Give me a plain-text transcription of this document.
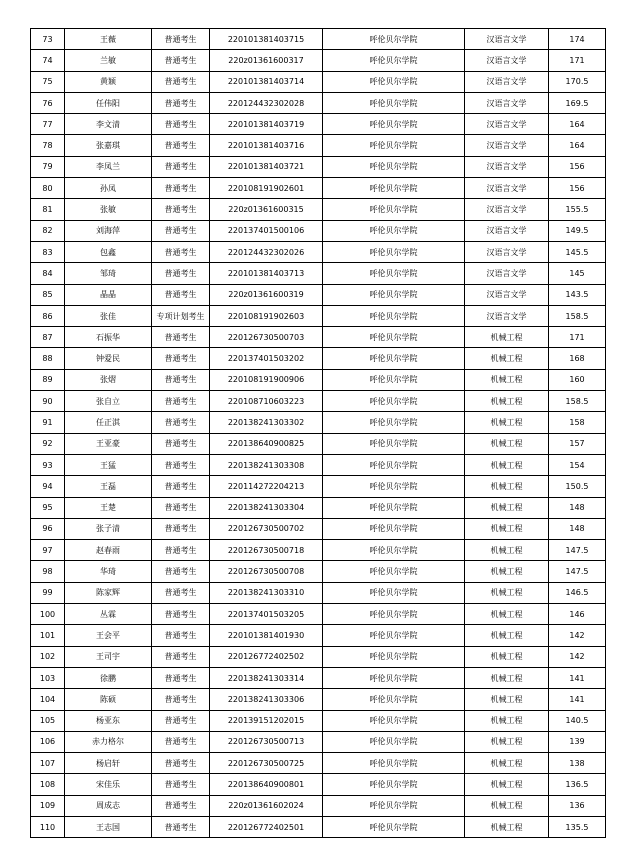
73	王薇	普通考生	220101381403715	呼伦贝尔学院	汉语言文学	174
74	兰敏	普通考生	220z01361600317	呼伦贝尔学院	汉语言文学	171
75	黄颖	普通考生	220101381403714	呼伦贝尔学院	汉语言文学	170.5
76	任伟阳	普通考生	220124432302028	呼伦贝尔学院	汉语言文学	169.5
77	李文清	普通考生	220101381403719	呼伦贝尔学院	汉语言文学	164
78	张嘉琪	普通考生	220101381403716	呼伦贝尔学院	汉语言文学	164
79	李凤兰	普通考生	220101381403721	呼伦贝尔学院	汉语言文学	156
80	孙凤	普通考生	220108191902601	呼伦贝尔学院	汉语言文学	156
81	张敏	普通考生	220z01361600315	呼伦贝尔学院	汉语言文学	155.5
82	刘海萍	普通考生	220137401500106	呼伦贝尔学院	汉语言文学	149.5
83	包鑫	普通考生	220124432302026	呼伦贝尔学院	汉语言文学	145.5
84	邹琦	普通考生	220101381403713	呼伦贝尔学院	汉语言文学	145
85	晶晶	普通考生	220z01361600319	呼伦贝尔学院	汉语言文学	143.5
86	张佳	专项计划考生	220108191902603	呼伦贝尔学院	汉语言文学	158.5
87	石振华	普通考生	220126730500703	呼伦贝尔学院	机械工程	171
88	钟爱民	普通考生	220137401503202	呼伦贝尔学院	机械工程	168
89	张熠	普通考生	220108191900906	呼伦贝尔学院	机械工程	160
90	张自立	普通考生	220108710603223	呼伦贝尔学院	机械工程	158.5
91	任正淇	普通考生	220138241303302	呼伦贝尔学院	机械工程	158
92	王亚豪	普通考生	220138640900825	呼伦贝尔学院	机械工程	157
93	王猛	普通考生	220138241303308	呼伦贝尔学院	机械工程	154
94	王磊	普通考生	220114272204213	呼伦贝尔学院	机械工程	150.5
95	王楚	普通考生	220138241303304	呼伦贝尔学院	机械工程	148
96	张子清	普通考生	220126730500702	呼伦贝尔学院	机械工程	148
97	赵春雨	普通考生	220126730500718	呼伦贝尔学院	机械工程	147.5
98	华琦	普通考生	220126730500708	呼伦贝尔学院	机械工程	147.5
99	陈家辉	普通考生	220138241303310	呼伦贝尔学院	机械工程	146.5
100	丛霖	普通考生	220137401503205	呼伦贝尔学院	机械工程	146
101	王会平	普通考生	220101381401930	呼伦贝尔学院	机械工程	142
102	王司宇	普通考生	220126772402502	呼伦贝尔学院	机械工程	142
103	徐鹏	普通考生	220138241303314	呼伦贝尔学院	机械工程	141
104	陈硕	普通考生	220138241303306	呼伦贝尔学院	机械工程	141
105	杨亚东	普通考生	220139151202015	呼伦贝尔学院	机械工程	140.5
106	赤力格尔	普通考生	220126730500713	呼伦贝尔学院	机械工程	139
107	杨启轩	普通考生	220126730500725	呼伦贝尔学院	机械工程	138
108	宋佳乐	普通考生	220138640900801	呼伦贝尔学院	机械工程	136.5
109	周成志	普通考生	220z01361602024	呼伦贝尔学院	机械工程	136
110	王志国	普通考生	220126772402501	呼伦贝尔学院	机械工程	135.5
